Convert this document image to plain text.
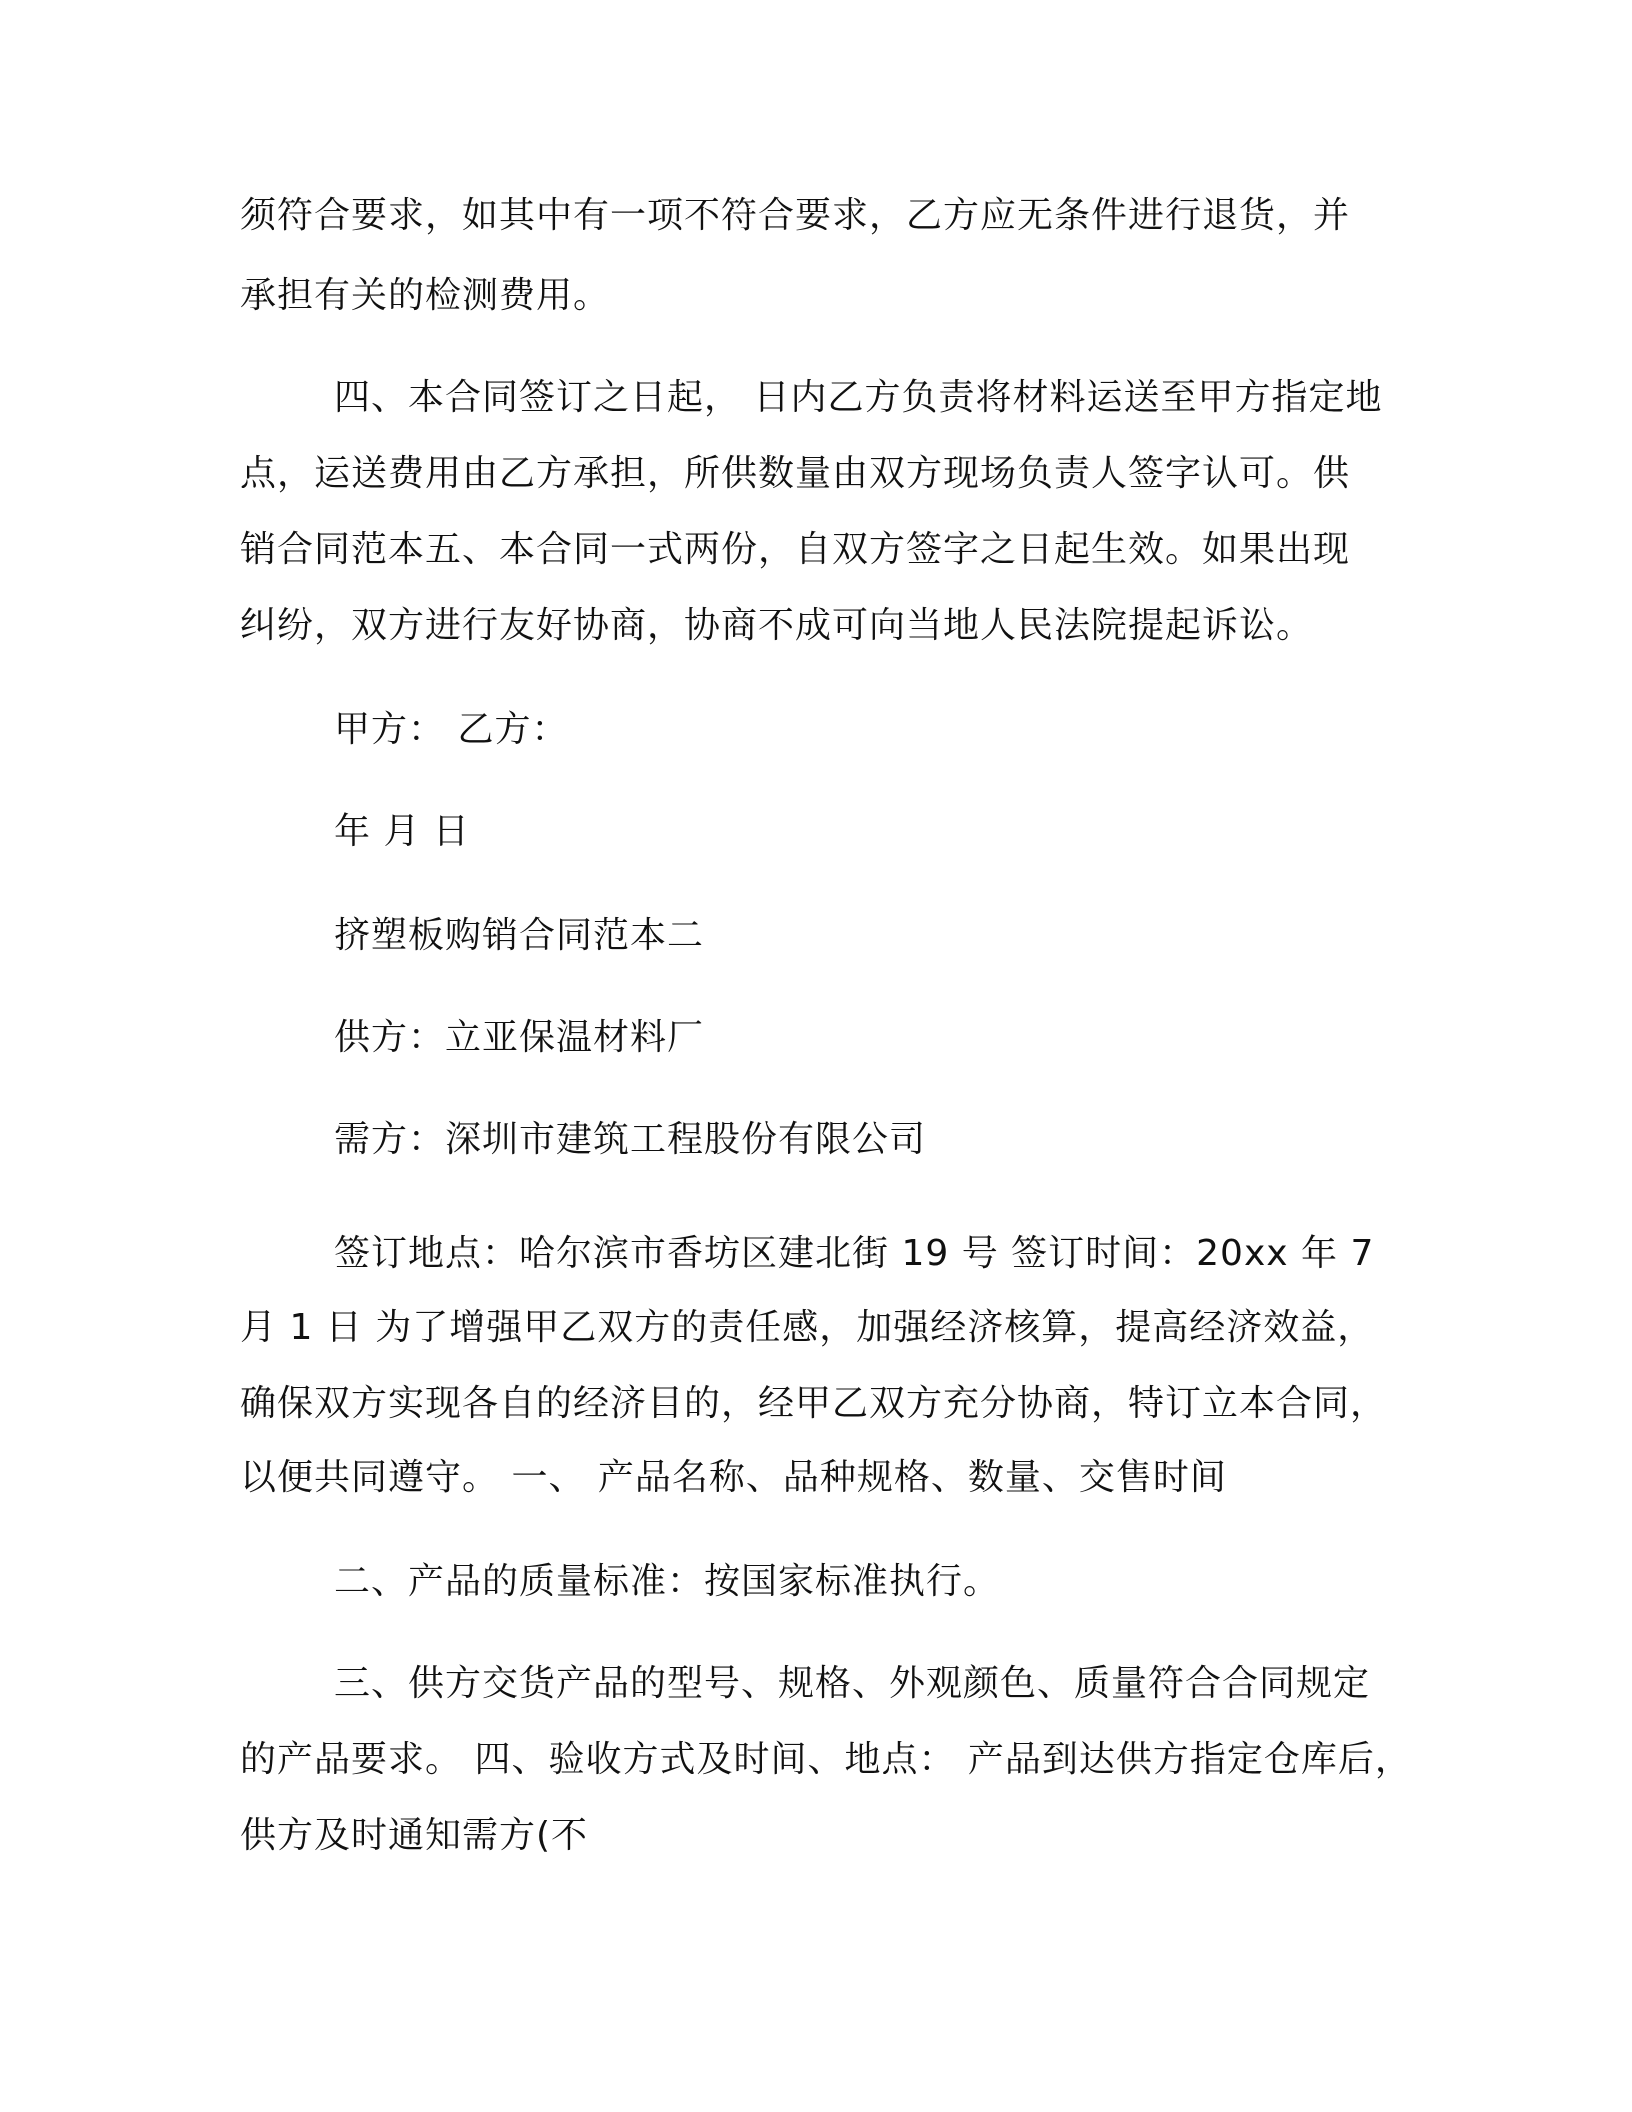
须符合要求，如其中有一项不符合要求，乙方应无条件进行退货，并
承担有关的检测费用。
四、本合同签订之日起， 日内乙方负责将材料运送至甲方指定地
点，运送费用由乙方承担，所供数量由双方现场负责人签字认可。供
销合同范本五、本合同一式两份，自双方签字之日起生效。如果出现
纠纷，双方进行友好协商，协商不成可向当地人民法院提起诉讼。
甲方： 乙方：
年 月 日
挤塑板购销合同范本二
供方：立亚保温材料厂
需方：深圳市建筑工程股份有限公司
签订地点：哈尔滨市香坊区建北街 19 号 签订时间：20xx 年 7
月 1 日 为了增强甲乙双方的责任感，加强经济核算，提高经济效益，
确保双方实现各自的经济目的，经甲乙双方充分协商，特订立本合同，
以便共同遵守。 一、 产品名称、品种规格、数量、交售时间
二、产品的质量标准：按国家标准执行。
三、供方交货产品的型号、规格、外观颜色、质量符合合同规定
的产品要求。 四、验收方式及时间、地点： 产品到达供方指定仓库后，
供方及时通知需方(不
